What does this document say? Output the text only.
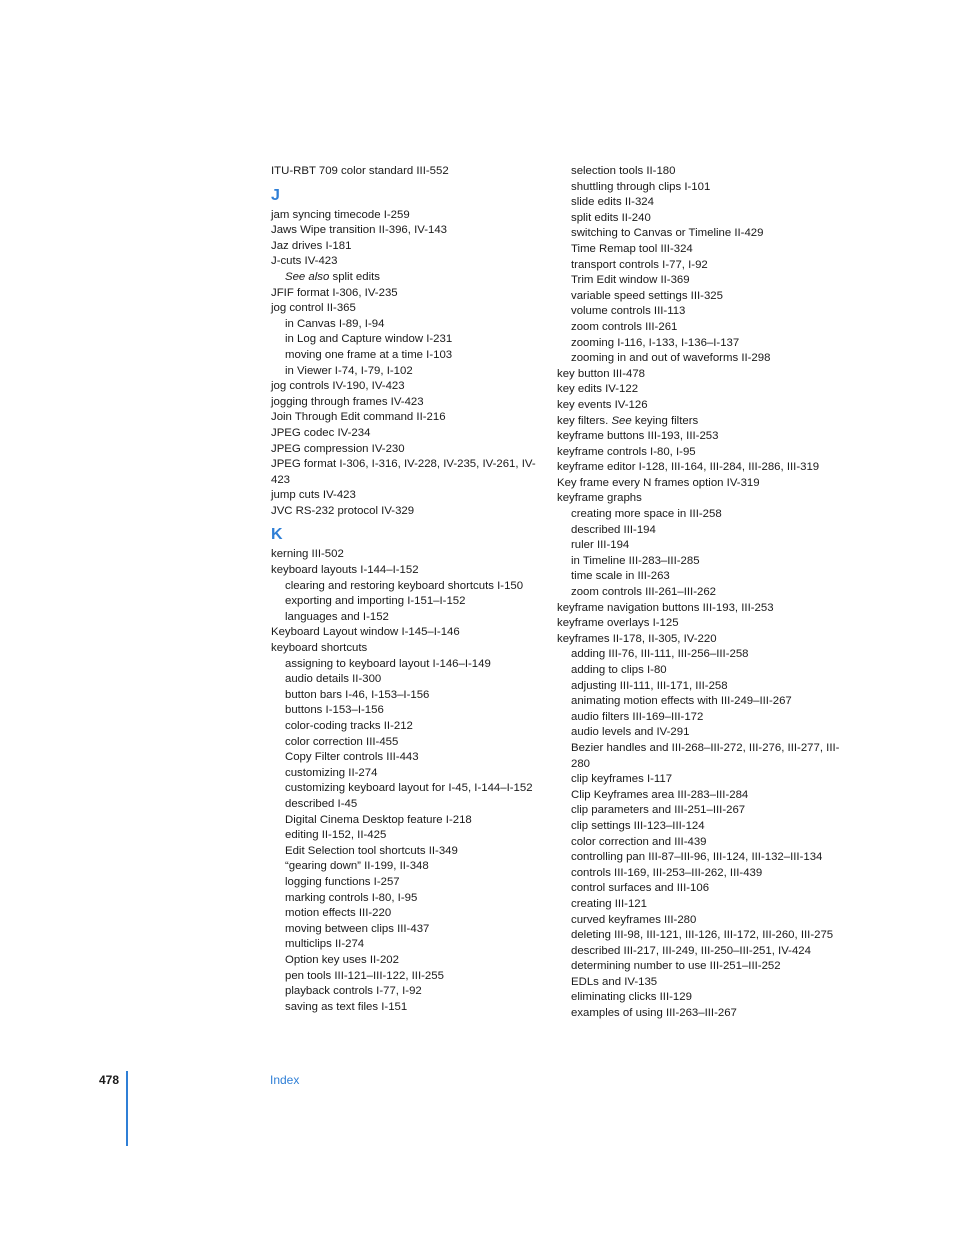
ITU-RBT 709 color standard III-552
J
jam syncing timecode I-259
Jaws Wipe transition II-396, IV-143
Jaz drives I-181
J-cuts IV-423
See also split edits
JFIF format I-306, IV-235
jog control II-365
in Canvas I-89, I-94
in Log and Capture window I-231
moving one frame at a time I-103
in Viewer I-74, I-79, I-102
jog controls IV-190, IV-423
jogging through frames IV-423
Join Through Edit command II-216
JPEG codec IV-234
JPEG compression IV-230
JPEG format I-306, I-316, IV-228, IV-235, IV-261, IV-423
jump cuts IV-423
JVC RS-232 protocol IV-329
K
kerning III-502
keyboard layouts I-144–I-152
clearing and restoring keyboard shortcuts I-150
exporting and importing I-151–I-152
languages and I-152
Keyboard Layout window I-145–I-146
keyboard shortcuts
assigning to keyboard layout I-146–I-149
audio details II-300
button bars I-46, I-153–I-156
buttons I-153–I-156
color-coding tracks II-212
color correction III-455
Copy Filter controls III-443
customizing II-274
customizing keyboard layout for I-45, I-144–I-152
described I-45
Digital Cinema Desktop feature I-218
editing II-152, II-425
Edit Selection tool shortcuts II-349
“gearing down” II-199, II-348
logging functions I-257
marking controls I-80, I-95
motion effects III-220
moving between clips III-437
multiclips II-274
Option key uses II-202
pen tools III-121–III-122, III-255
playback controls I-77, I-92
saving as text files I-151
selection tools II-180
shuttling through clips I-101
slide edits II-324
split edits II-240
switching to Canvas or Timeline II-429
Time Remap tool III-324
transport controls I-77, I-92
Trim Edit window II-369
variable speed settings III-325
volume controls III-113
zoom controls III-261
zooming I-116, I-133, I-136–I-137
zooming in and out of waveforms II-298
key button III-478
key edits IV-122
key events IV-126
key filters. See keying filters
keyframe buttons III-193, III-253
keyframe controls I-80, I-95
keyframe editor I-128, III-164, III-284, III-286, III-319
Key frame every N frames option IV-319
keyframe graphs
creating more space in III-258
described III-194
ruler III-194
in Timeline III-283–III-285
time scale in III-263
zoom controls III-261–III-262
keyframe navigation buttons III-193, III-253
keyframe overlays I-125
keyframes II-178, II-305, IV-220
adding III-76, III-111, III-256–III-258
adding to clips I-80
adjusting III-111, III-171, III-258
animating motion effects with III-249–III-267
audio filters III-169–III-172
audio levels and IV-291
Bezier handles and III-268–III-272, III-276, III-277, III-280
clip keyframes I-117
Clip Keyframes area III-283–III-284
clip parameters and III-251–III-267
clip settings III-123–III-124
color correction and III-439
controlling pan III-87–III-96, III-124, III-132–III-134
controls III-169, III-253–III-262, III-439
control surfaces and III-106
creating III-121
curved keyframes III-280
deleting III-98, III-121, III-126, III-172, III-260, III-275
described III-217, III-249, III-250–III-251, IV-424
determining number to use III-251–III-252
EDLs and IV-135
eliminating clicks III-129
examples of using III-263–III-267
478	Index
